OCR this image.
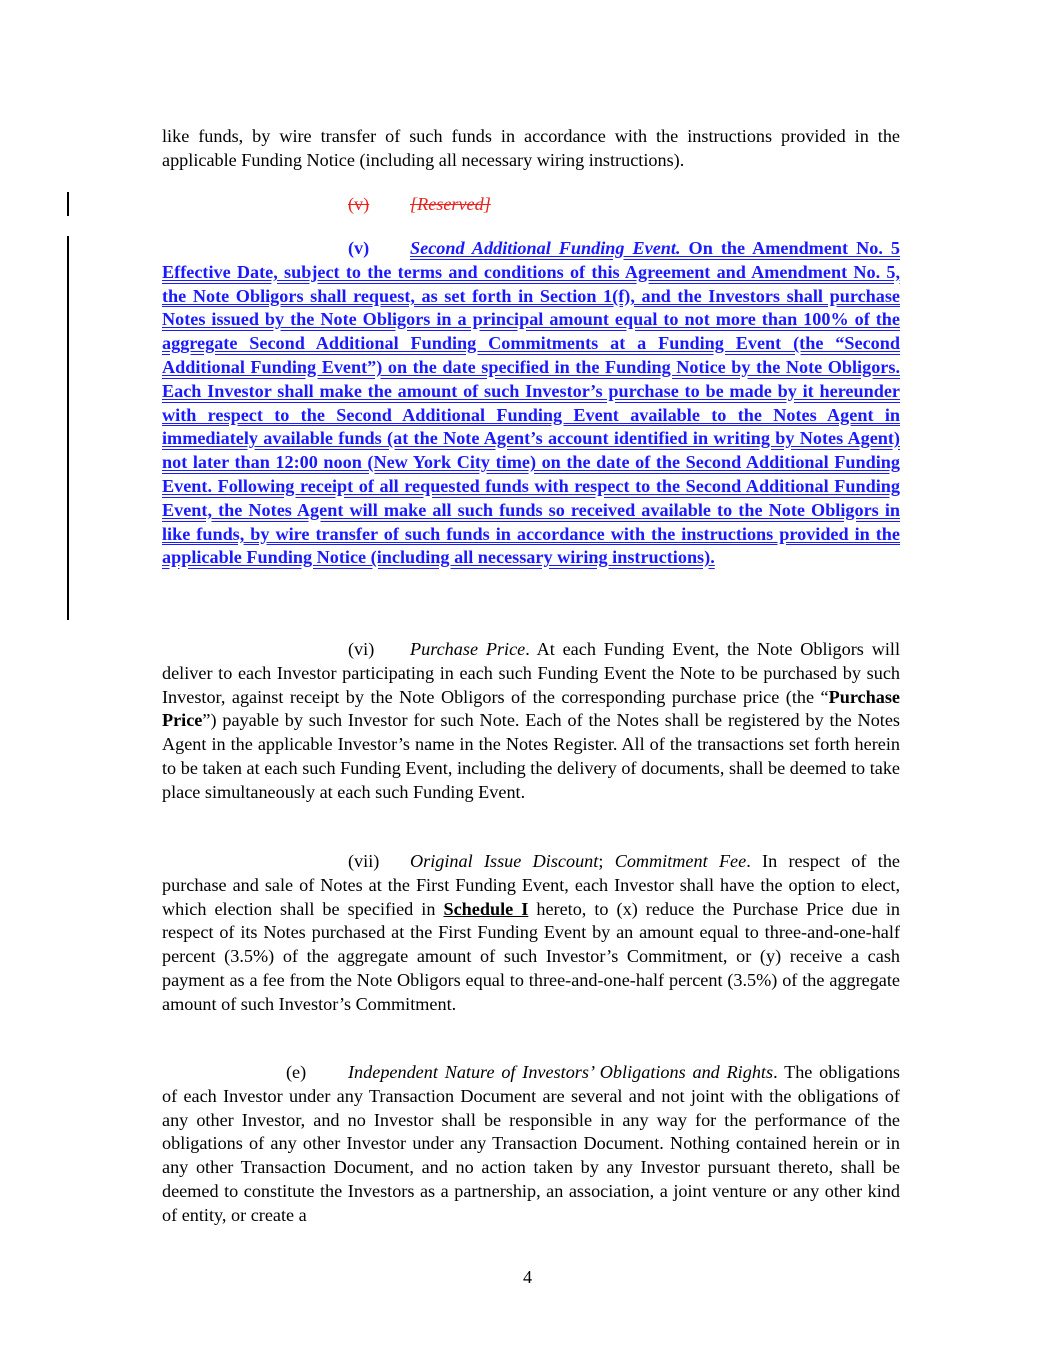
like funds, by wire transfer of such funds in accordance with the instructions provided in the applicable Funding Notice (including all necessary wiring instructions).
(v) [Reserved]
(v) Second Additional Funding Event. On the Amendment No. 5 Effective Date, subject to the terms and conditions of this Agreement and Amendment No. 5, the Note Obligors shall request, as set forth in Section 1(f), and the Investors shall purchase Notes issued by the Note Obligors in a principal amount equal to not more than 100% of the aggregate Second Additional Funding Commitments at a Funding Event (the “Second Additional Funding Event”) on the date specified in the Funding Notice by the Note Obligors. Each Investor shall make the amount of such Investor’s purchase to be made by it hereunder with respect to the Second Additional Funding Event available to the Notes Agent in immediately available funds (at the Note Agent’s account identified in writing by Notes Agent) not later than 12:00 noon (New York City time) on the date of the Second Additional Funding Event. Following receipt of all requested funds with respect to the Second Additional Funding Event, the Notes Agent will make all such funds so received available to the Note Obligors in like funds, by wire transfer of such funds in accordance with the instructions provided in the applicable Funding Notice (including all necessary wiring instructions).
(vi) Purchase Price. At each Funding Event, the Note Obligors will deliver to each Investor participating in each such Funding Event the Note to be purchased by such Investor, against receipt by the Note Obligors of the corresponding purchase price (the “Purchase Price”) payable by such Investor for such Note. Each of the Notes shall be registered by the Notes Agent in the applicable Investor’s name in the Notes Register. All of the transactions set forth herein to be taken at each such Funding Event, including the delivery of documents, shall be deemed to take place simultaneously at each such Funding Event.
(vii) Original Issue Discount; Commitment Fee. In respect of the purchase and sale of Notes at the First Funding Event, each Investor shall have the option to elect, which election shall be specified in Schedule I hereto, to (x) reduce the Purchase Price due in respect of its Notes purchased at the First Funding Event by an amount equal to three-and-one-half percent (3.5%) of the aggregate amount of such Investor’s Commitment, or (y) receive a cash payment as a fee from the Note Obligors equal to three-and-one-half percent (3.5%) of the aggregate amount of such Investor’s Commitment.
(e) Independent Nature of Investors’ Obligations and Rights. The obligations of each Investor under any Transaction Document are several and not joint with the obligations of any other Investor, and no Investor shall be responsible in any way for the performance of the obligations of any other Investor under any Transaction Document. Nothing contained herein or in any other Transaction Document, and no action taken by any Investor pursuant thereto, shall be deemed to constitute the Investors as a partnership, an association, a joint venture or any other kind of entity, or create a
4
